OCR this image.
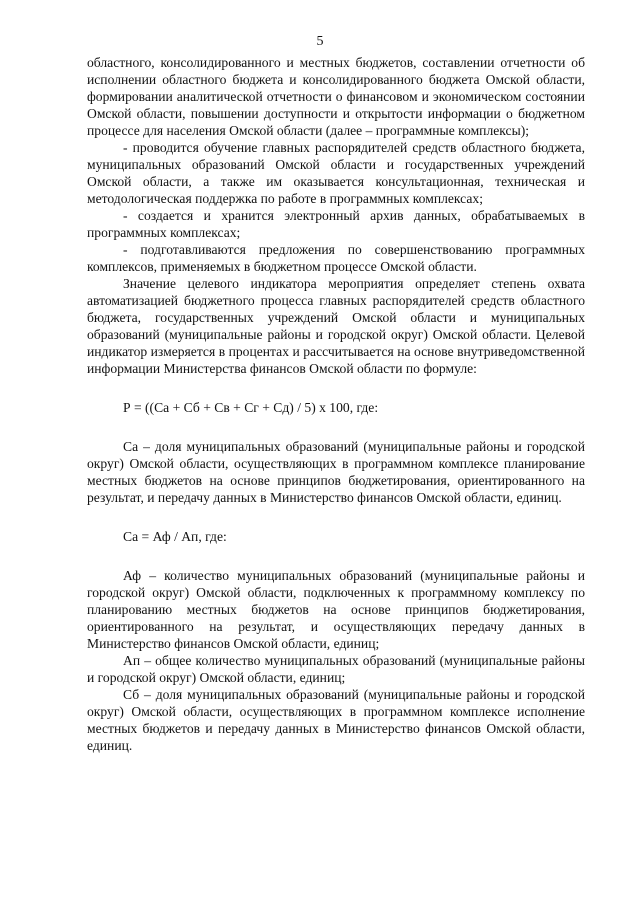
5

областного, консолидированного и местных бюджетов, составлении отчетности об исполнении областного бюджета и консолидированного бюджета Омской области, формировании аналитической отчетности о финансовом и экономическом состоянии Омской области, повышении доступности и открытости информации о бюджетном процессе для населения Омской области (далее – программные комплексы);

- проводится обучение главных распорядителей средств областного бюджета, муниципальных образований Омской области и государственных учреждений Омской области, а также им оказывается консультационная, техническая и методологическая поддержка по работе в программных комплексах;

- создается и хранится электронный архив данных, обрабатываемых в программных комплексах;

- подготавливаются предложения по совершенствованию программных комплексов, применяемых в бюджетном процессе Омской области.

Значение целевого индикатора мероприятия определяет степень охвата автоматизацией бюджетного процесса главных распорядителей средств областного бюджета, государственных учреждений Омской области и муниципальных образований (муниципальные районы и городской округ) Омской области. Целевой индикатор измеряется в процентах и рассчитывается на основе внутриведомственной информации Министерства финансов Омской области по формуле:

Р = ((Са + Сб + Св + Сг + Сд) / 5) х 100, где:

Са – доля муниципальных образований (муниципальные районы и городской округ) Омской области, осуществляющих в программном комплексе планирование местных бюджетов на основе принципов бюджетирования, ориентированного на результат, и передачу данных в Министерство финансов Омской области, единиц.

Са = Аф / Ап, где:

Аф – количество муниципальных образований (муниципальные районы и городской округ) Омской области, подключенных к программному комплексу по планированию местных бюджетов на основе принципов бюджетирования, ориентированного на результат, и осуществляющих передачу данных в Министерство финансов Омской области, единиц;

Ап – общее количество муниципальных образований (муниципальные районы и городской округ) Омской области, единиц;

Сб – доля муниципальных образований (муниципальные районы и городской округ) Омской области, осуществляющих в программном комплексе исполнение местных бюджетов и передачу данных в Министерство финансов Омской области, единиц.
